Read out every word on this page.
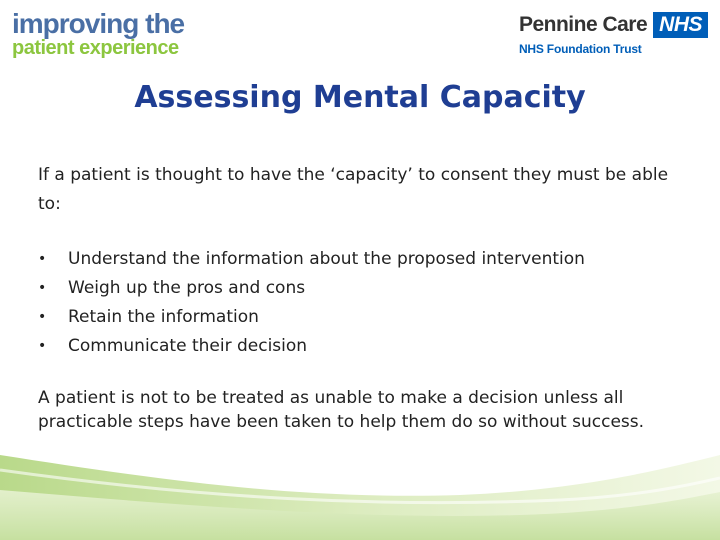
improving the
patient experience
Pennine Care NHS
NHS Foundation Trust
Assessing Mental Capacity

If a patient is thought to have the ‘capacity’ to consent they must be able to:

•	Understand the information about the proposed intervention
•	Weigh up the pros and cons
•	Retain the information
•	Communicate their decision

A patient is not to be treated as unable to make a decision unless all practicable steps have been taken to help them do so without success.
